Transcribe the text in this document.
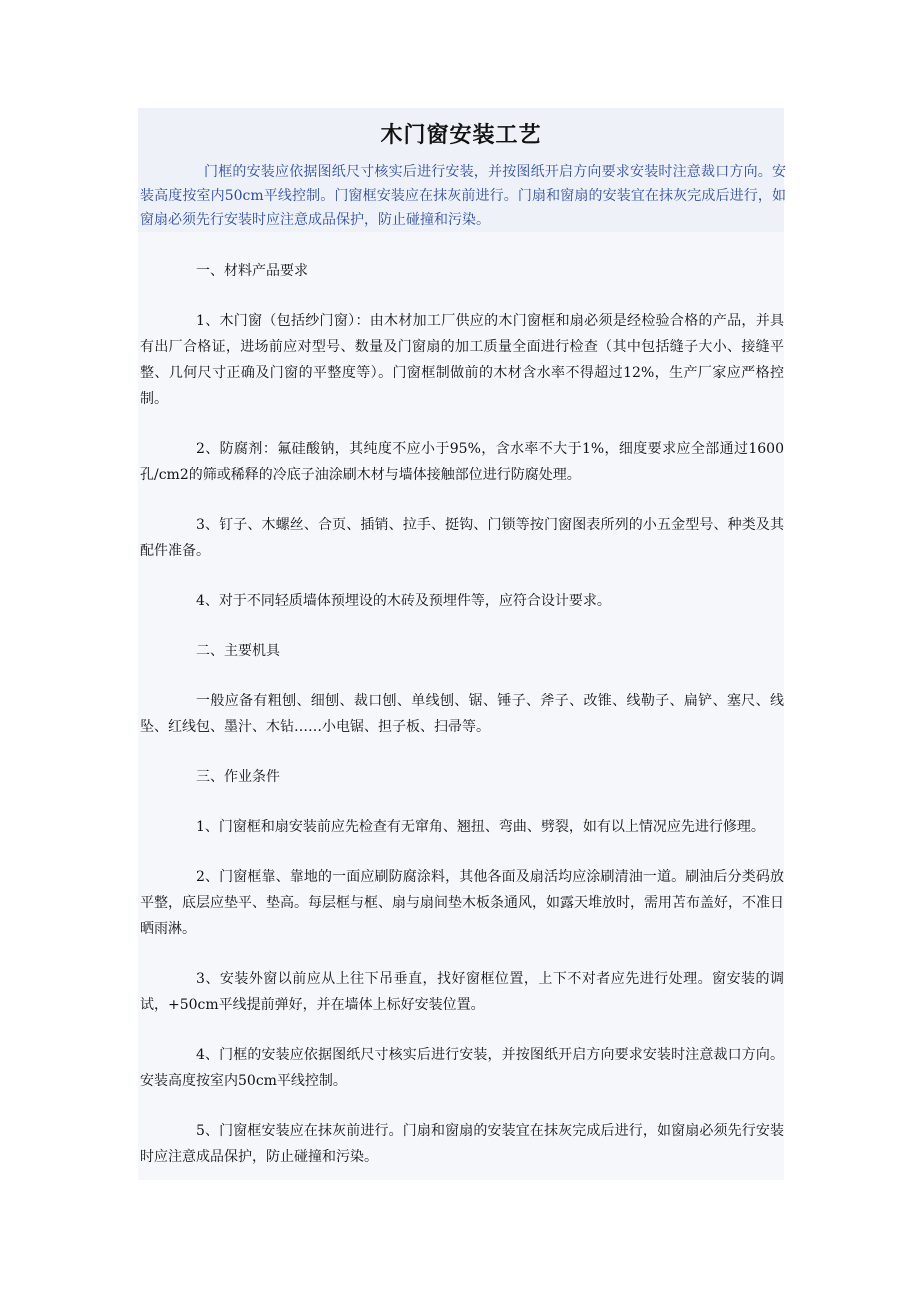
木门窗安装工艺
门框的安装应依据图纸尺寸核实后进行安装，并按图纸开启方向要求安装时注意裁口方向。安装高度按室内50cm平线控制。门窗框安装应在抹灰前进行。门扇和窗扇的安装宜在抹灰完成后进行，如窗扇必须先行安装时应注意成品保护，防止碰撞和污染。

一、材料产品要求

1、木门窗（包括纱门窗）：由木材加工厂供应的木门窗框和扇必须是经检验合格的产品，并具有出厂合格证，进场前应对型号、数量及门窗扇的加工质量全面进行检查（其中包括缝子大小、接缝平整、几何尺寸正确及门窗的平整度等）。门窗框制做前的木材含水率不得超过12%，生产厂家应严格控制。

2、防腐剂：氟硅酸钠，其纯度不应小于95%，含水率不大于1%，细度要求应全部通过1600孔/cm2的筛或稀释的冷底子油涂刷木材与墙体接触部位进行防腐处理。

3、钉子、木螺丝、合页、插销、拉手、挺钩、门锁等按门窗图表所列的小五金型号、种类及其配件准备。

4、对于不同轻质墙体预埋设的木砖及预埋件等，应符合设计要求。

二、主要机具

一般应备有粗刨、细刨、裁口刨、单线刨、锯、锤子、斧子、改锥、线勒子、扁铲、塞尺、线坠、红线包、墨汁、木钻……小电锯、担子板、扫帚等。

三、作业条件

1、门窗框和扇安装前应先检查有无窜角、翘扭、弯曲、劈裂，如有以上情况应先进行修理。

2、门窗框靠、靠地的一面应刷防腐涂料，其他各面及扇活均应涂刷清油一道。刷油后分类码放平整，底层应垫平、垫高。每层框与框、扇与扇间垫木板条通风，如露天堆放时，需用苫布盖好，不准日晒雨淋。

3、安装外窗以前应从上往下吊垂直，找好窗框位置，上下不对者应先进行处理。窗安装的调试，+50cm平线提前弹好，并在墙体上标好安装位置。

4、门框的安装应依据图纸尺寸核实后进行安装，并按图纸开启方向要求安装时注意裁口方向。安装高度按室内50cm平线控制。

5、门窗框安装应在抹灰前进行。门扇和窗扇的安装宜在抹灰完成后进行，如窗扇必须先行安装时应注意成品保护，防止碰撞和污染。
